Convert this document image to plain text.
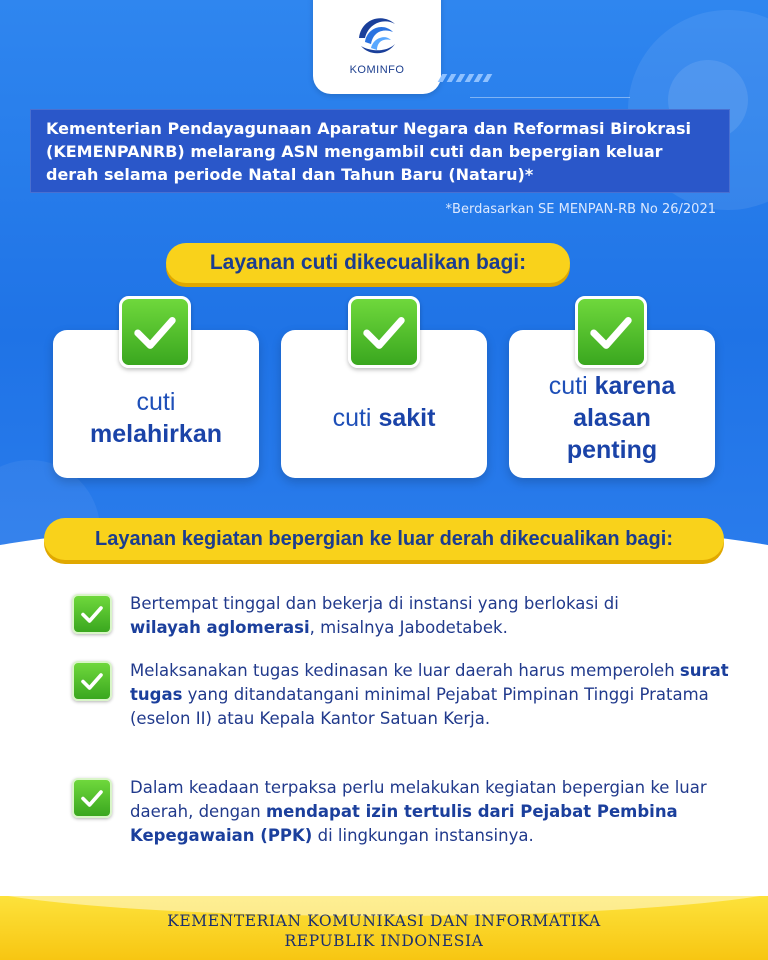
KOMINFO
Kementerian Pendayagunaan Aparatur Negara dan Reformasi Birokrasi
(KEMENPANRB) melarang ASN mengambil cuti dan bepergian keluar
derah selama periode Natal dan Tahun Baru (Nataru)*
*Berdasarkan SE MENPAN-RB No 26/2021
Layanan cuti dikecualikan bagi:
cuti
melahirkan
cuti sakit
cuti karena
alasan
penting
Layanan kegiatan bepergian ke luar derah dikecualikan bagi:
Bertempat tinggal dan bekerja di instansi yang berlokasi di
wilayah aglomerasi, misalnya Jabodetabek.
Melaksanakan tugas kedinasan ke luar daerah harus memperoleh surat tugas yang ditandatangani minimal Pejabat Pimpinan Tinggi Pratama (eselon II) atau Kepala Kantor Satuan Kerja.
Dalam keadaan terpaksa perlu melakukan kegiatan bepergian ke luar daerah, dengan mendapat izin tertulis dari Pejabat Pembina Kepegawaian (PPK) di lingkungan instansinya.
KEMENTERIAN KOMUNIKASI DAN INFORMATIKA
REPUBLIK INDONESIA
